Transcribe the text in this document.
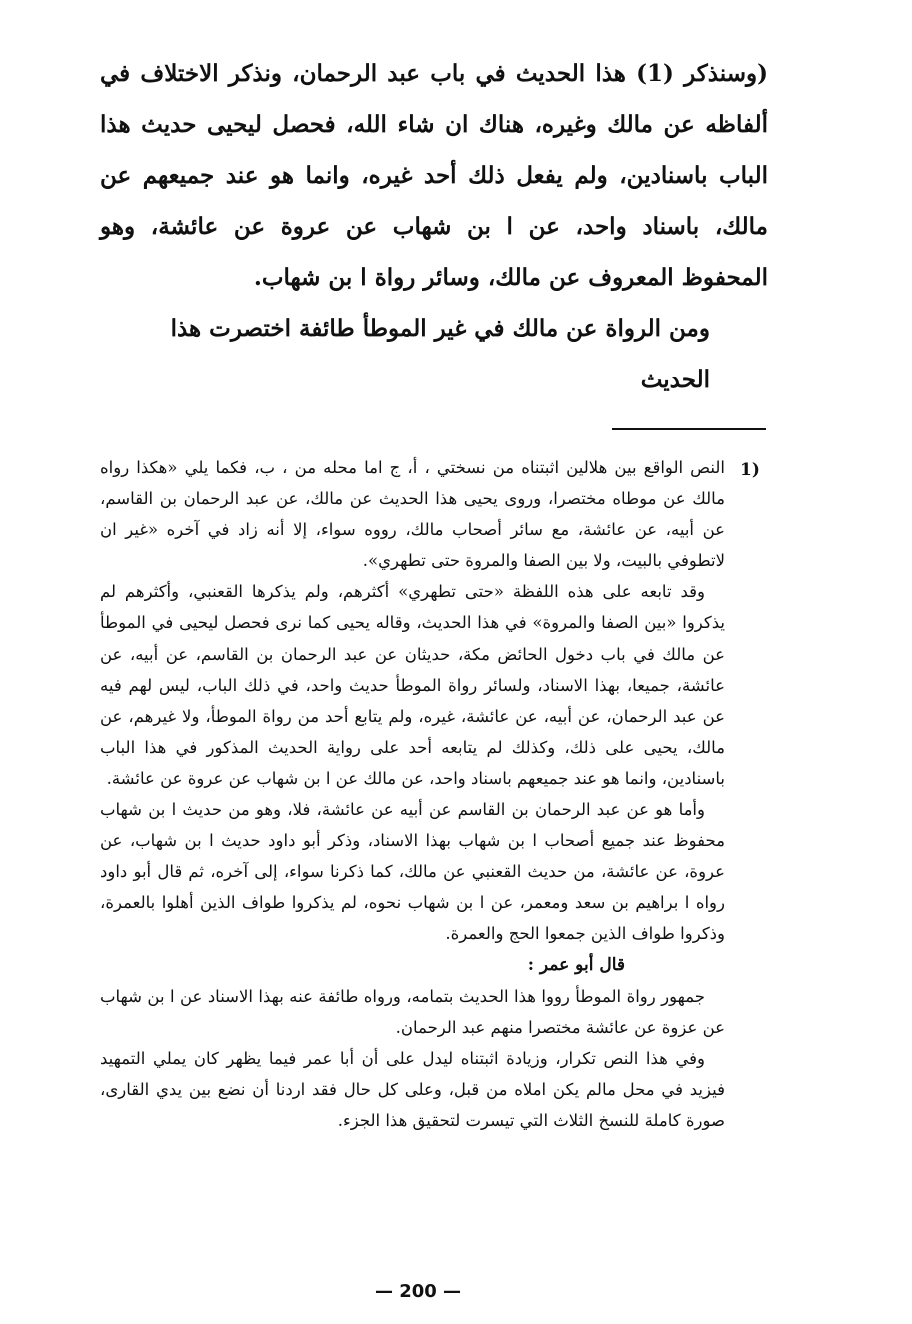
(وسنذكر (1) هذا الحديث في باب عبد الرحمان، ونذكر الاختلاف في ألفاظه عن مالك وغيره، هناك ان شاء الله، فحصل ليحيى حديث هذا الباب باسنادين، ولم يفعل ذلك أحد غيره، وانما هو عند جميعهم عن مالك، باسناد واحد، عن ا بن شهاب عن عروة عن عائشة، وهو المحفوظ المعروف عن مالك، وسائر رواة ا بن شهاب.

ومن الرواة عن مالك في غير الموطأ طائفة اختصرت هذا الحديث

1)

النص الواقع بين هلالين اثبتناه من نسختي ، أ، ج اما محله من ، ب، فكما يلي «هكذا رواه مالك عن موطاه مختصرا، وروى يحيى هذا الحديث عن مالك، عن عبد الرحمان بن القاسم، عن أبيه، عن عائشة، مع سائر أصحاب مالك، رووه سواء، إلا أنه زاد في آخره «غير ان لاتطوفي بالبيت، ولا بين الصفا والمروة حتى تطهري».

وقد تابعه على هذه اللفظة «حتى تطهري» أكثرهم، ولم يذكرها القعنبي، وأكثرهم لم يذكروا «بين الصفا والمروة» في هذا الحديث، وقاله يحيى كما نرى فحصل ليحيى في الموطأ عن مالك في باب دخول الحائض مكة، حديثان عن عبد الرحمان بن القاسم، عن أبيه، عن عائشة، جميعا، بهذا الاسناد، ولسائر رواة الموطأ حديث واحد، في ذلك الباب، ليس لهم فيه عن عبد الرحمان، عن أبيه، عن عائشة، غيره، ولم يتابع أحد من رواة الموطأ، ولا غيرهم، عن مالك، يحيى على ذلك، وكذلك لم يتابعه أحد على رواية الحديث المذكور في هذا الباب باسنادين، وانما هو عند جميعهم باسناد واحد، عن مالك عن ا بن شهاب عن عروة عن عائشة.

وأما هو عن عبد الرحمان بن القاسم عن أبيه عن عائشة، فلا، وهو من حديث ا بن شهاب محفوظ عند جميع أصحاب ا بن شهاب بهذا الاسناد، وذكر أبو داود حديث ا بن شهاب، عن عروة، عن عائشة، من حديث القعنبي عن مالك، كما ذكرنا سواء، إلى آخره، ثم قال أبو داود رواه ا براهيم بن سعد ومعمر، عن ا بن شهاب نحوه، لم يذكروا طواف الذين أهلوا بالعمرة، وذكروا طواف الذين جمعوا الحج والعمرة.

قال أبو عمر :

جمهور رواة الموطأ رووا هذا الحديث بتمامه، ورواه طائفة عنه بهذا الاسناد عن ا بن شهاب عن عزوة عن عائشة مختصرا منهم عبد الرحمان.

وفي هذا النص تكرار، وزيادة اثبتناه ليدل على أن أبا عمر فيما يظهر كان يملي التمهيد فيزيد في محل مالم يكن املاه من قبل، وعلى كل حال فقد اردنا أن نضع بين يدي القارى، صورة كاملة للنسخ الثلاث التي تيسرت لتحقيق هذا الجزء.

— 200 —
